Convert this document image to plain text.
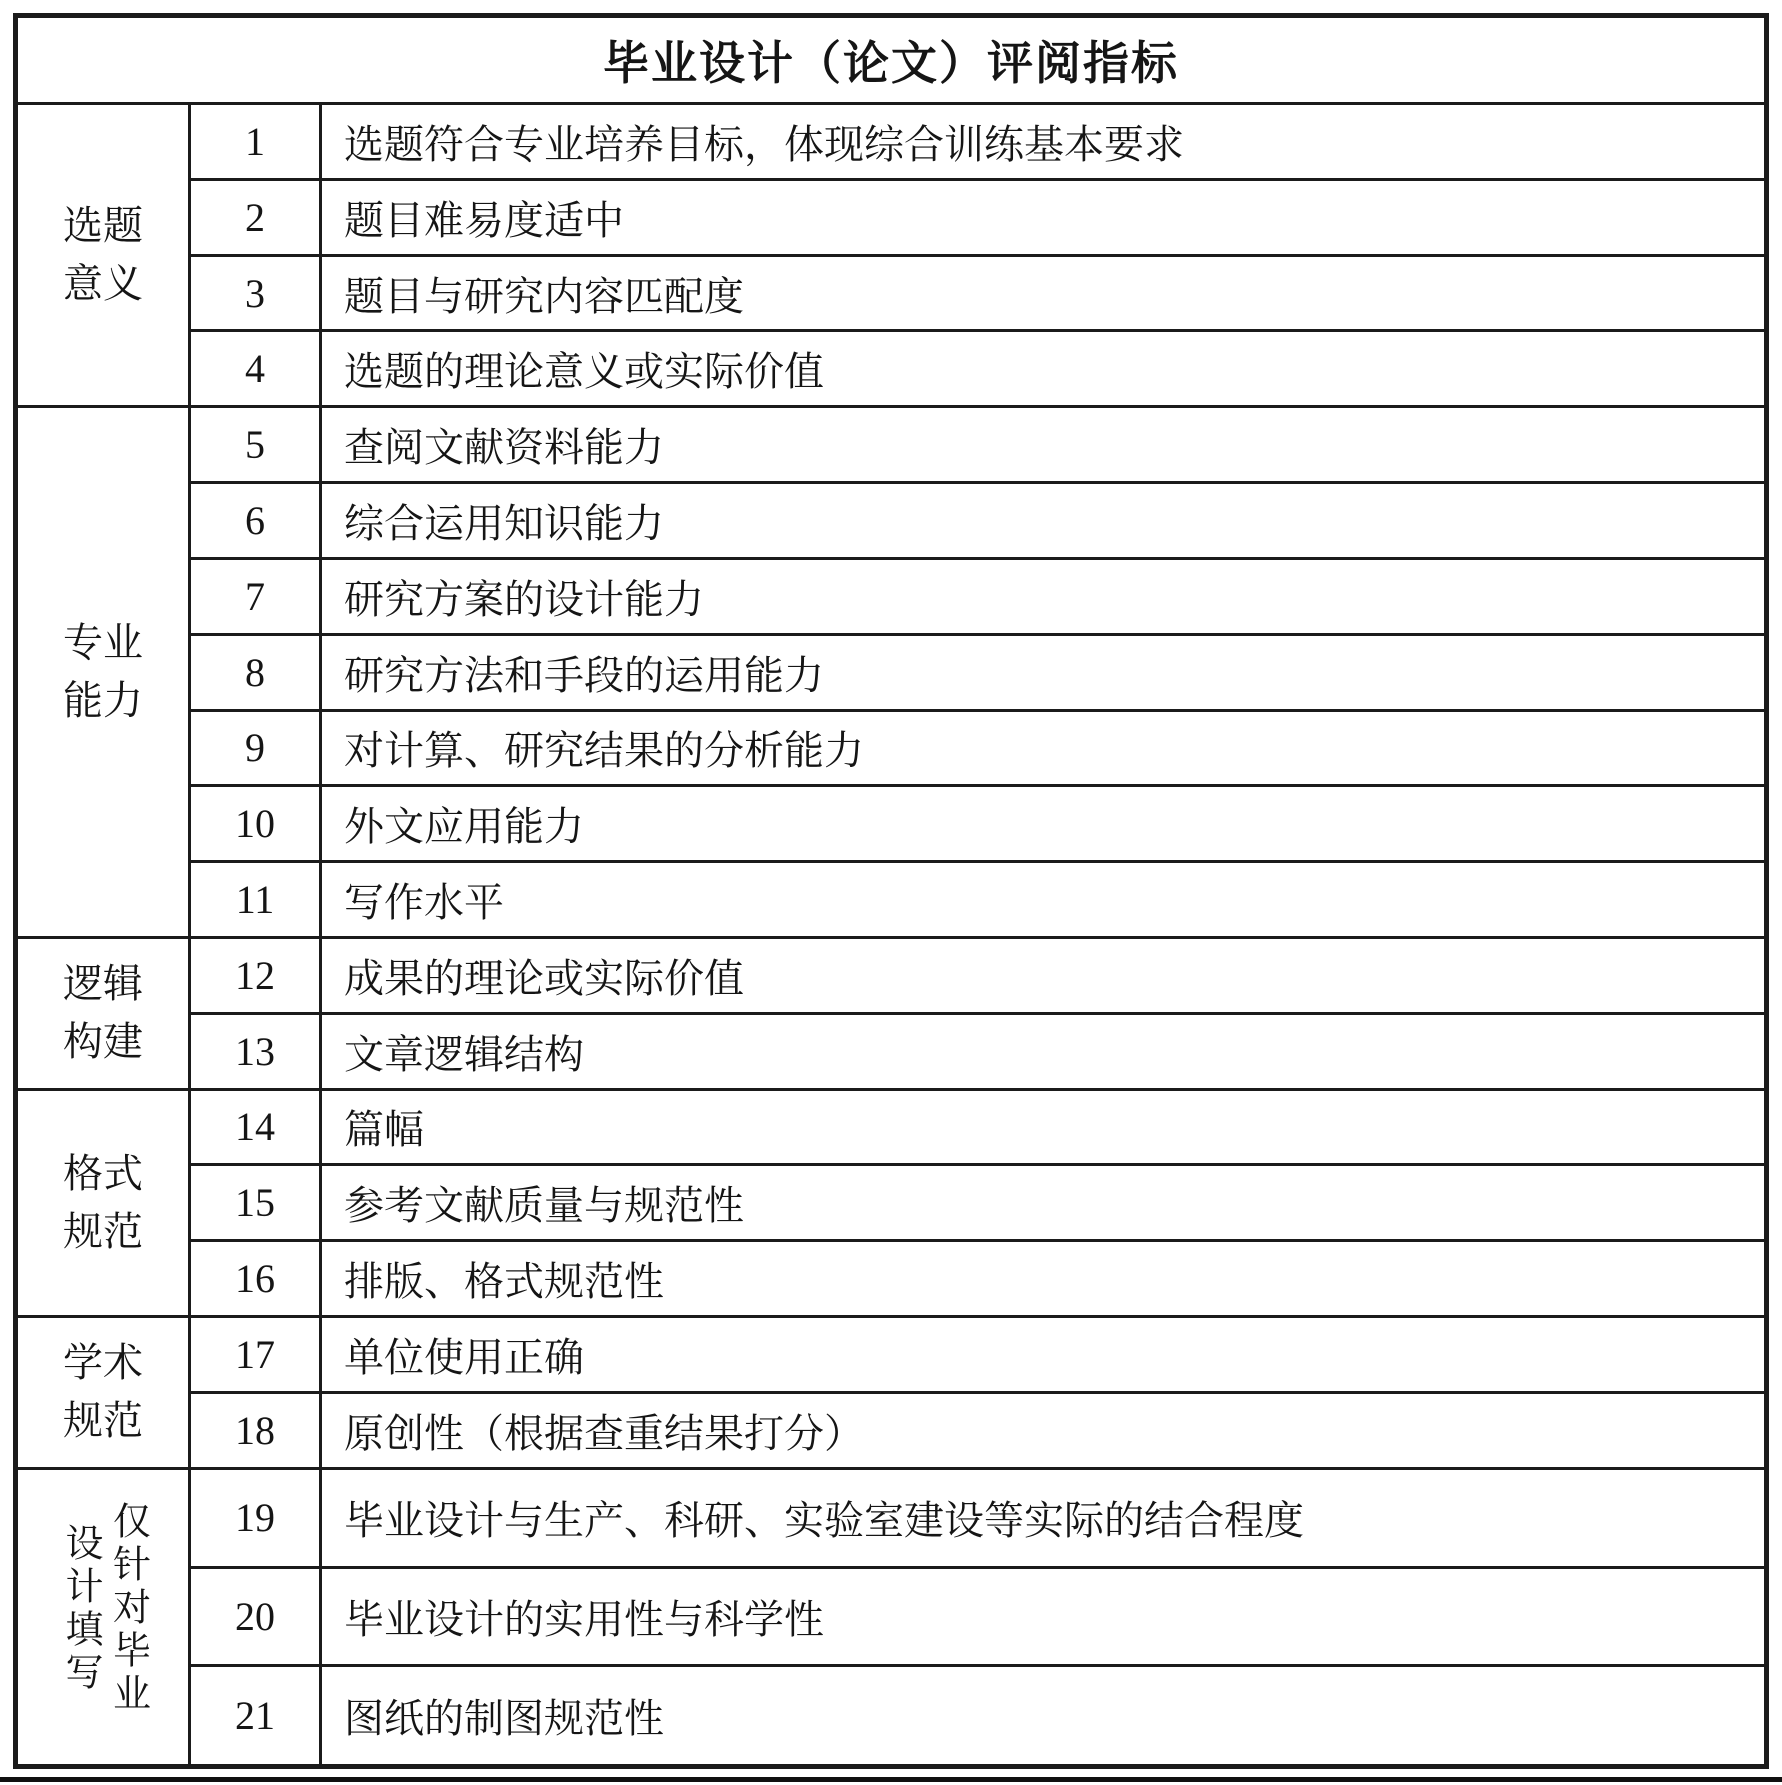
毕业设计（论文）评阅指标		
选题意义	1	选题符合专业培养目标，体现综合训练基本要求
	2	题目难易度适中
	3	题目与研究内容匹配度
	4	选题的理论意义或实际价值
专业能力	5	查阅文献资料能力
	6	综合运用知识能力
	7	研究方案的设计能力
	8	研究方法和手段的运用能力
	9	对计算、研究结果的分析能力
	10	外文应用能力
	11	写作水平
逻辑构建	12	成果的理论或实际价值
	13	文章逻辑结构
格式规范	14	篇幅
	15	参考文献质量与规范性
	16	排版、格式规范性
学术规范	17	单位使用正确
	18	原创性（根据查重结果打分）
仅针对毕业设计填写	19	毕业设计与生产、科研、实验室建设等实际的结合程度
	20	毕业设计的实用性与科学性
	21	图纸的制图规范性
